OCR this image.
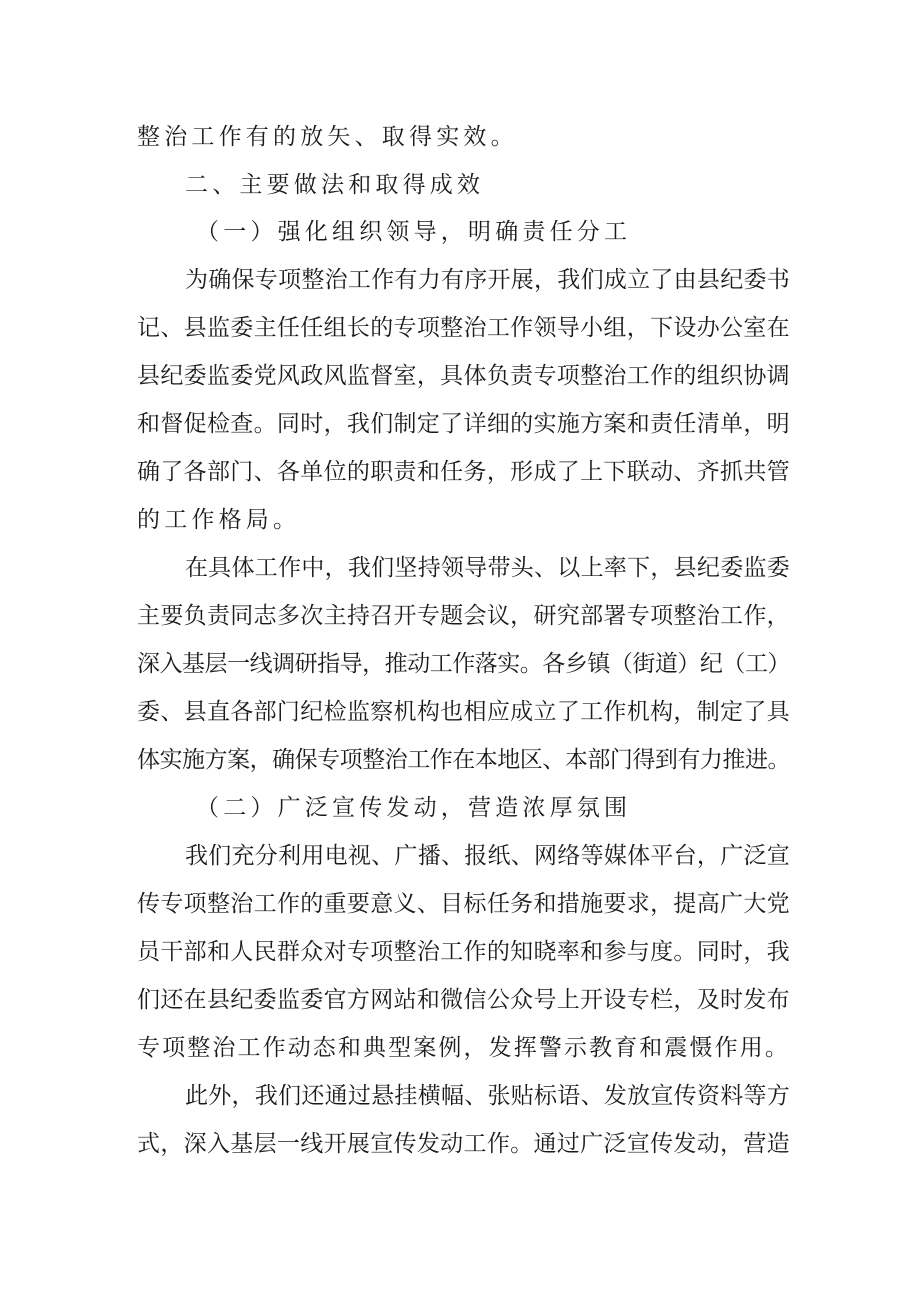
整治工作有的放矢、取得实效。
二、主要做法和取得成效
（一）强化组织领导，明确责任分工
为确保专项整治工作有力有序开展，我们成立了由县纪委书
记、县监委主任任组长的专项整治工作领导小组，下设办公室在
县纪委监委党风政风监督室，具体负责专项整治工作的组织协调
和督促检查。同时，我们制定了详细的实施方案和责任清单，明
确了各部门、各单位的职责和任务，形成了上下联动、齐抓共管
的工作格局。
在具体工作中，我们坚持领导带头、以上率下，县纪委监委
主要负责同志多次主持召开专题会议，研究部署专项整治工作，
深入基层一线调研指导，推动工作落实。各乡镇（街道）纪（工）
委、县直各部门纪检监察机构也相应成立了工作机构，制定了具
体实施方案，确保专项整治工作在本地区、本部门得到有力推进。
（二）广泛宣传发动，营造浓厚氛围
我们充分利用电视、广播、报纸、网络等媒体平台，广泛宣
传专项整治工作的重要意义、目标任务和措施要求，提高广大党
员干部和人民群众对专项整治工作的知晓率和参与度。同时，我
们还在县纪委监委官方网站和微信公众号上开设专栏，及时发布
专项整治工作动态和典型案例，发挥警示教育和震慑作用。
此外，我们还通过悬挂横幅、张贴标语、发放宣传资料等方
式，深入基层一线开展宣传发动工作。通过广泛宣传发动，营造
